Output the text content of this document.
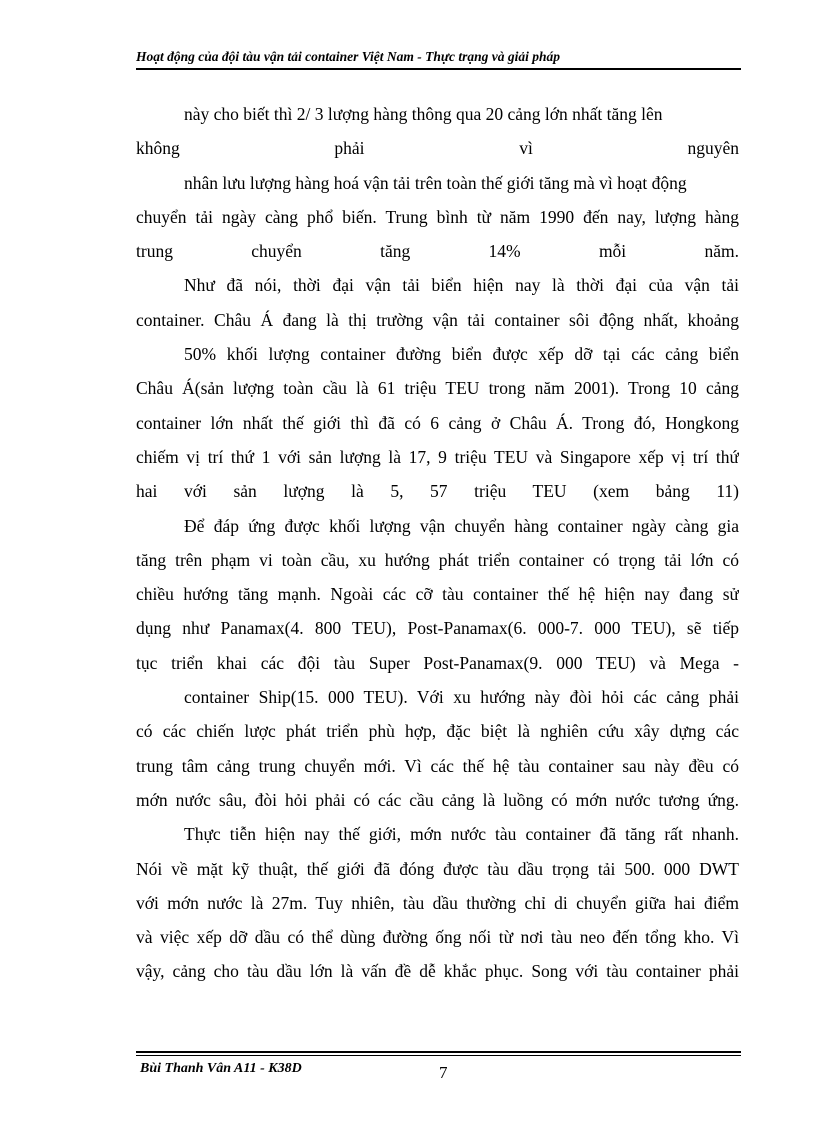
Hoạt động của đội tàu vận tải container Việt Nam - Thực trạng và giải pháp
này cho biết thì 2/ 3 lượng hàng thông qua 20 cảng lớn nhất tăng lên
không phải vì nguyên
nhân lưu lượng hàng hoá vận tải trên toàn thế giới tăng mà vì hoạt động
chuyển tải ngày càng phổ biến. Trung bình từ năm 1990 đến nay, lượng hàng
trung chuyển tăng 14% mỗi năm.
Như đã nói, thời đại vận tải biển hiện nay là thời đại của vận tải
container. Châu Á đang là thị trường vận tải container sôi động nhất, khoảng
50% khối lượng container đường biển được xếp dỡ tại các cảng biển
Châu Á(sản lượng toàn cầu là 61 triệu TEU trong năm 2001). Trong 10 cảng
container lớn nhất thế giới thì đã có 6 cảng ở Châu Á. Trong đó, Hongkong
chiếm vị trí thứ 1 với sản lượng là 17, 9 triệu TEU và Singapore xếp vị trí thứ
hai với sản lượng là 5, 57 triệu TEU (xem bảng 11)
Để đáp ứng được khối lượng vận chuyển hàng container ngày càng gia
tăng trên phạm vi toàn cầu, xu hướng phát triển container có trọng tải lớn có
chiều hướng tăng mạnh. Ngoài các cỡ tàu container thế hệ hiện nay đang sử
dụng như Panamax(4. 800 TEU), Post-Panamax(6. 000-7. 000 TEU), sẽ tiếp
tục triển khai các đội tàu Super Post-Panamax(9. 000 TEU) và Mega -
container Ship(15. 000 TEU). Với xu hướng này đòi hỏi các cảng phải
có các chiến lược phát triển phù hợp, đặc biệt là nghiên cứu xây dựng các
trung tâm cảng trung chuyển mới. Vì các thế hệ tàu container sau này đều có
mớn nước sâu, đòi hỏi phải có các cầu cảng là luồng có mớn nước tương ứng.
Thực tiễn hiện nay thế giới, mớn nước tàu container đã tăng rất nhanh.
Nói về mặt kỹ thuật, thế giới đã đóng được tàu dầu trọng tải 500. 000 DWT
với mớn nước là 27m. Tuy nhiên, tàu dầu thường chỉ di chuyển giữa hai điểm
và việc xếp dỡ dầu có thể dùng đường ống nối từ nơi tàu neo đến tổng kho. Vì
vậy, cảng cho tàu dầu lớn là vấn đề dễ khắc phục. Song với tàu container phải
Bùi Thanh Vân A11 - K38D	7
